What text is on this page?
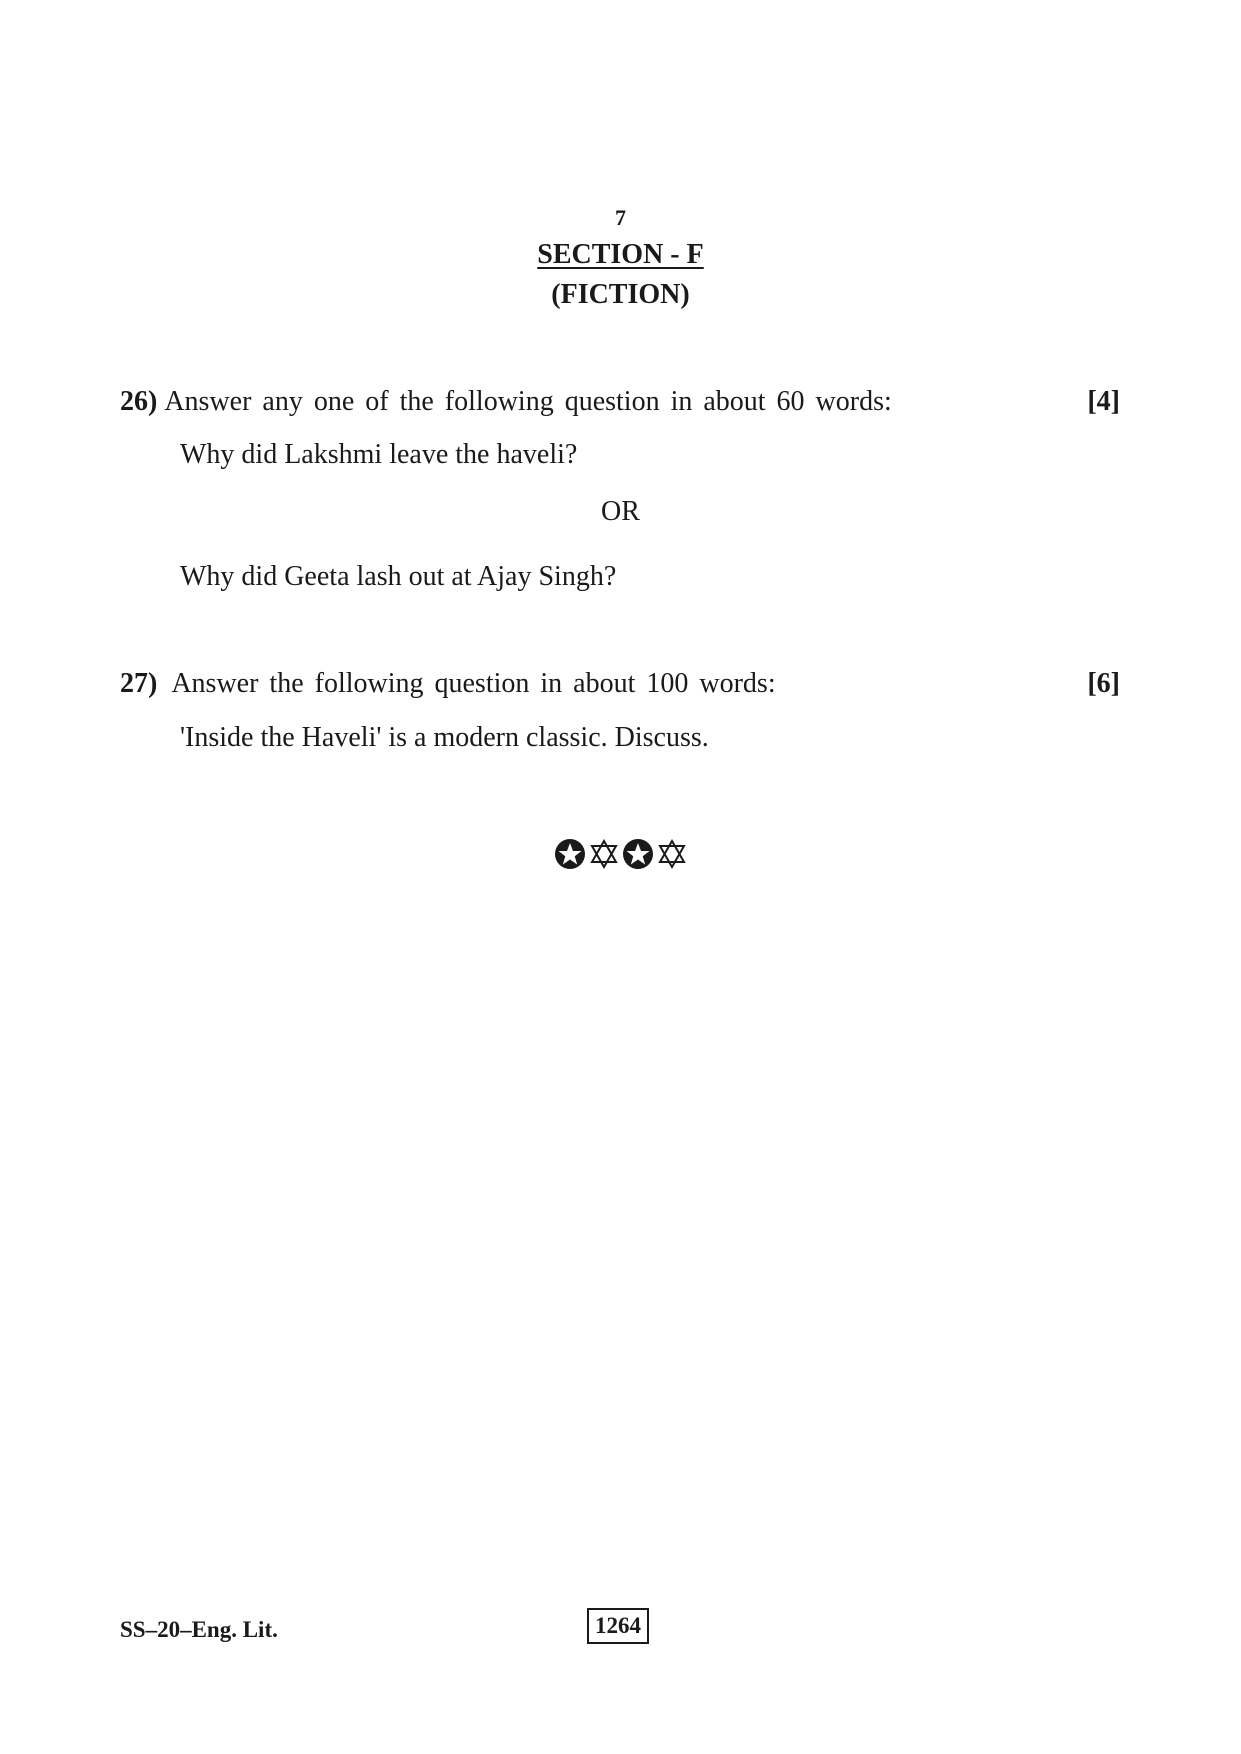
7
SECTION - F
(FICTION)
26) Answer any one of the following question in about 60 words:	[4]
Why did Lakshmi leave the haveli?
OR
Why did Geeta lash out at Ajay Singh?
27) Answer the following question in about 100 words:	[6]
'Inside the Haveli' is a modern classic. Discuss.
SS–20–Eng. Lit.	1264
